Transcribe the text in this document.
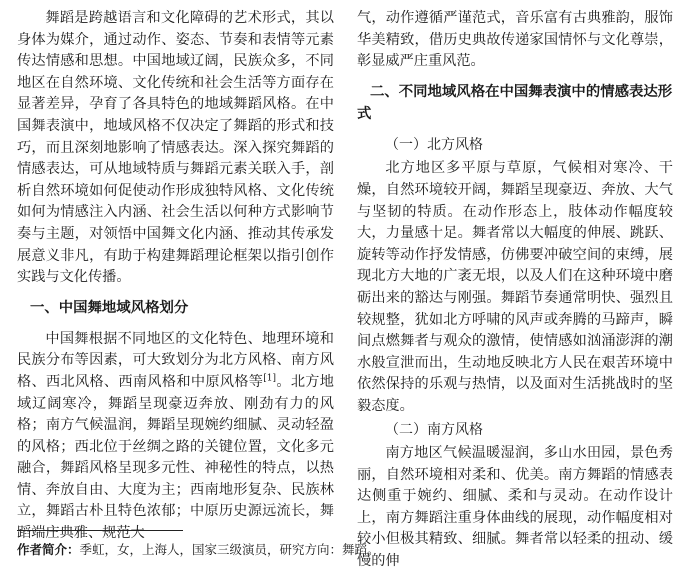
舞蹈是跨越语言和文化障碍的艺术形式，其以身体为媒介，通过动作、姿态、节奏和表情等元素传达情感和思想。中国地域辽阔，民族众多，不同地区在自然环境、文化传统和社会生活等方面存在显著差异，孕育了各具特色的地域舞蹈风格。在中国舞表演中，地域风格不仅决定了舞蹈的形式和技巧，而且深刻地影响了情感表达。深入探究舞蹈的情感表达，可从地域特质与舞蹈元素关联入手，剖析自然环境如何促使动作形成独特风格、文化传统如何为情感注入内涵、社会生活以何种方式影响节奏与主题，对领悟中国舞文化内涵、推动其传承发展意义非凡，有助于构建舞蹈理论框架以指引创作实践与文化传播。

一、中国舞地域风格划分

中国舞根据不同地区的文化特色、地理环境和民族分布等因素，可大致划分为北方风格、南方风格、西北风格、西南风格和中原风格等[1]。北方地域辽阔寒冷，舞蹈呈现豪迈奔放、刚劲有力的风格；南方气候温润，舞蹈呈现婉约细腻、灵动轻盈的风格；西北位于丝绸之路的关键位置，文化多元融合，舞蹈风格呈现多元性、神秘性的特点，以热情、奔放自由、大度为主；西南地形复杂、民族林立，舞蹈古朴且特色浓郁；中原历史源远流长，舞蹈端庄典雅、规范大

气，动作遵循严谨范式，音乐富有古典雅韵，服饰华美精致，借历史典故传递家国情怀与文化尊崇，彰显威严庄重风范。

二、不同地域风格在中国舞表演中的情感表达形式
（一）北方风格

北方地区多平原与草原，气候相对寒冷、干燥，自然环境较开阔，舞蹈呈现豪迈、奔放、大气与坚韧的特质。在动作形态上，肢体动作幅度较大，力量感十足。舞者常以大幅度的伸展、跳跃、旋转等动作抒发情感，仿佛要冲破空间的束缚，展现北方大地的广袤无垠，以及人们在这种环境中磨砺出来的豁达与刚强。舞蹈节奏通常明快、强烈且较规整，犹如北方呼啸的风声或奔腾的马蹄声，瞬间点燃舞者与观众的激情，使情感如汹涌澎湃的潮水般宣泄而出，生动地反映北方人民在艰苦环境中依然保持的乐观与热情，以及面对生活挑战时的坚毅态度。

（二）南方风格

南方地区气候温暖湿润，多山水田园，景色秀丽，自然环境相对柔和、优美。南方舞蹈的情感表达侧重于婉约、细腻、柔和与灵动。在动作设计上，南方舞蹈注重身体曲线的展现，动作幅度相对较小但极其精致、细腻。舞者常以轻柔的扭动、缓慢的伸

作者简介：季虹，女，上海人，国家三级演员，研究方向：舞蹈。
